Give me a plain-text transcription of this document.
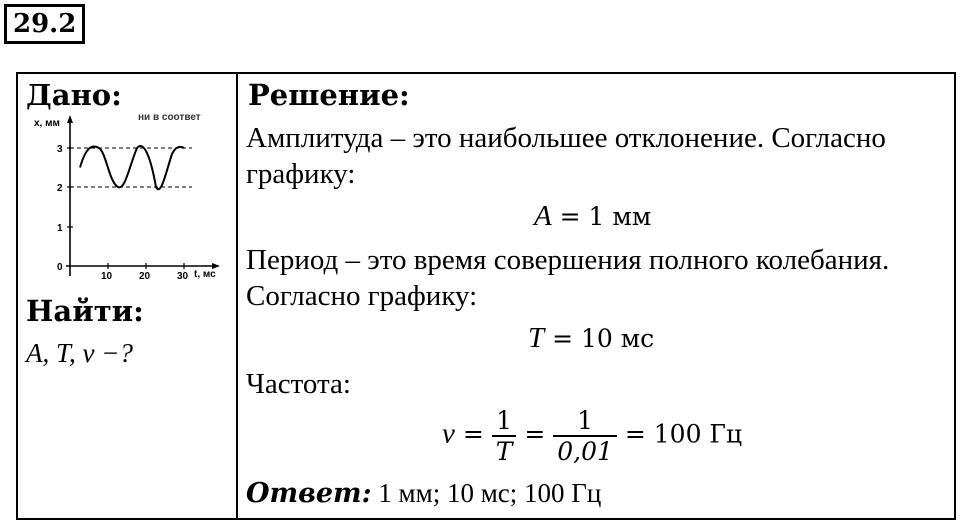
29.2
Дано:
ни в соответ
x, мм
3
2
1
0
10	20	30 t, мс
Найти:
A, T, ν −?
Решение:
Амплитуда – это наибольшее отклонение. Согласно
графику:
A = 1 мм
Период – это время совершения полного колебания.
Согласно графику:
T = 10 мс
Частота:
$\nu = \frac{1}{T} = \frac{1}{0,01} = 100$ Гц
Ответ: 1 мм; 10 мс; 100 Гц
